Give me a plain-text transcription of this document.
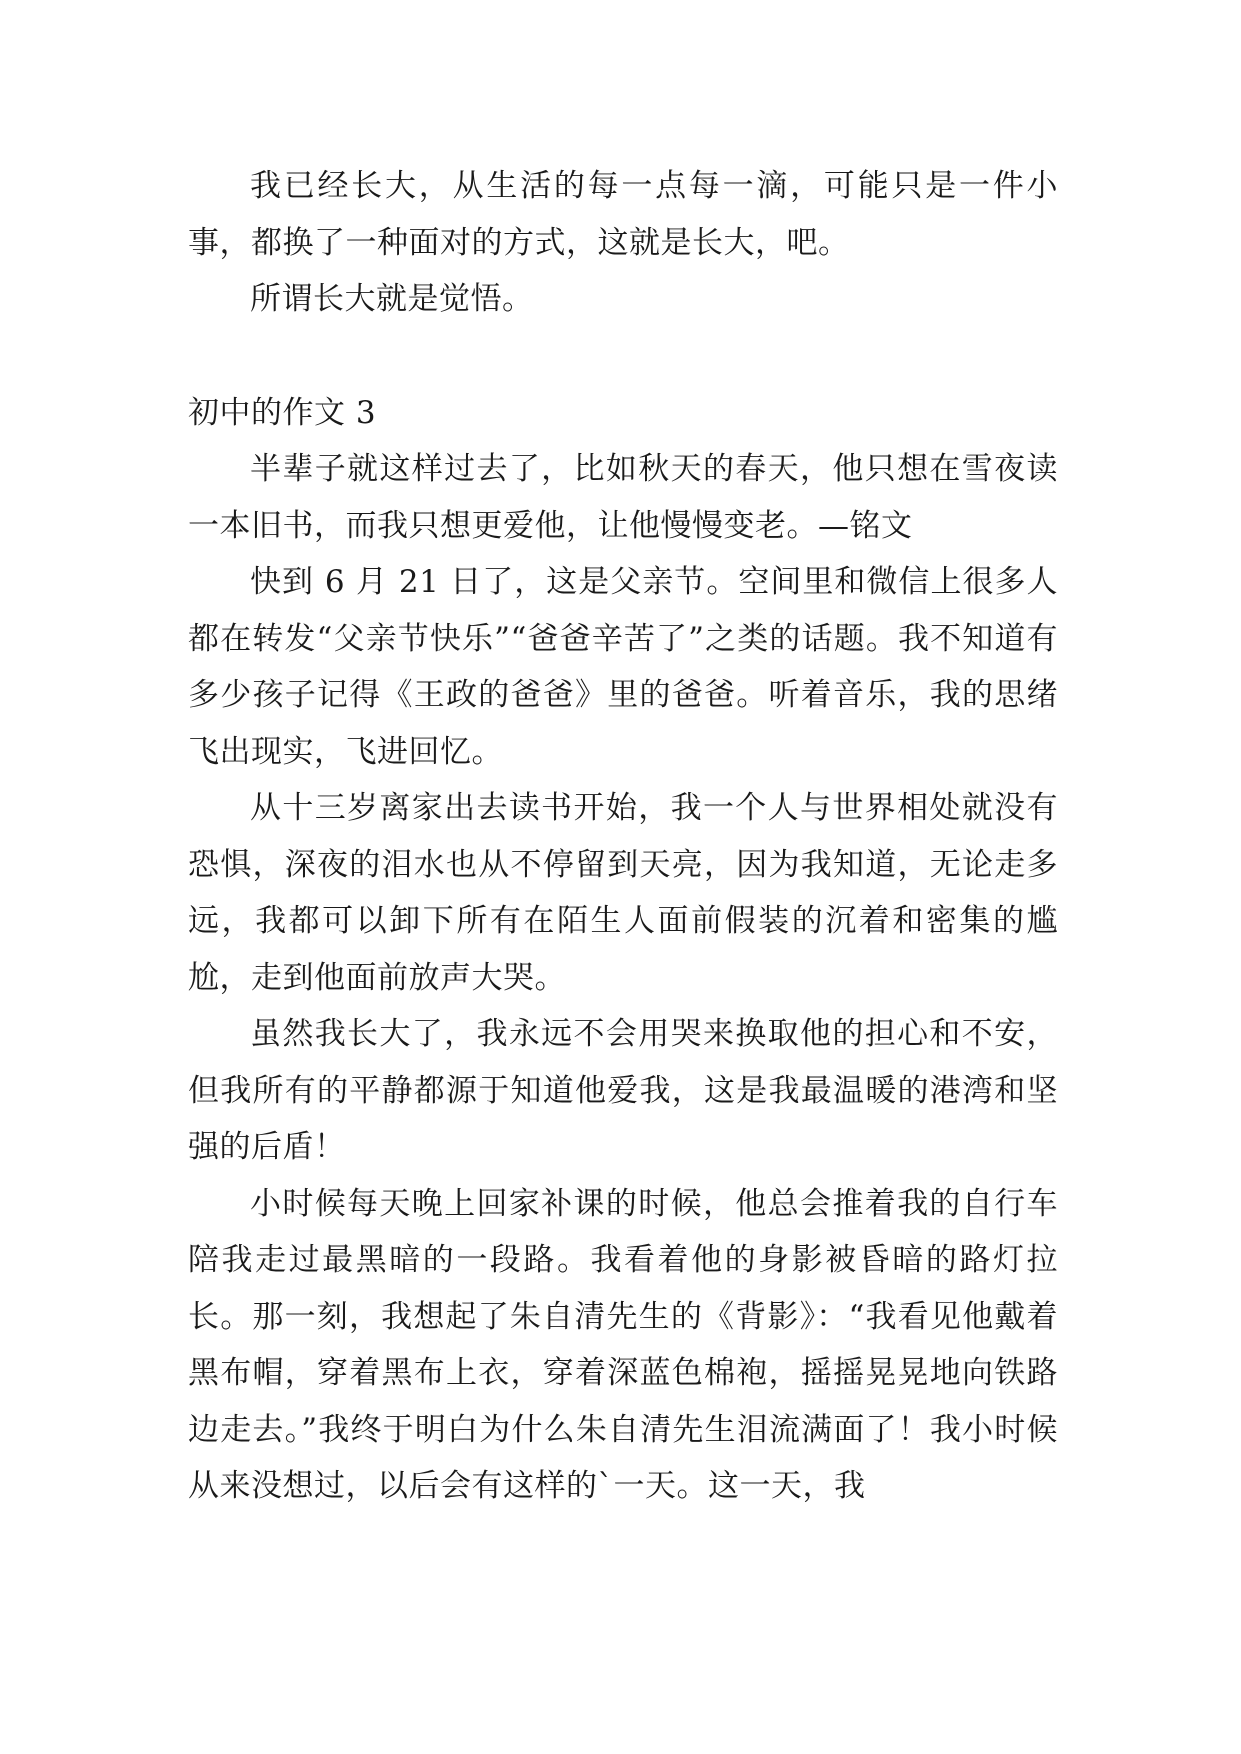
我已经长大，从生活的每一点每一滴，可能只是一件小事，都换了一种面对的方式，这就是长大，吧。

所谓长大就是觉悟。

初中的作文 3

半辈子就这样过去了，比如秋天的春天，他只想在雪夜读一本旧书，而我只想更爱他，让他慢慢变老。—铭文

快到 6 月 21 日了，这是父亲节。空间里和微信上很多人都在转发“父亲节快乐”“爸爸辛苦了”之类的话题。我不知道有多少孩子记得《王政的爸爸》里的爸爸。听着音乐，我的思绪飞出现实，飞进回忆。

从十三岁离家出去读书开始，我一个人与世界相处就没有恐惧，深夜的泪水也从不停留到天亮，因为我知道，无论走多远，我都可以卸下所有在陌生人面前假装的沉着和密集的尴尬，走到他面前放声大哭。

虽然我长大了，我永远不会用哭来换取他的担心和不安，但我所有的平静都源于知道他爱我，这是我最温暖的港湾和坚强的后盾！

小时候每天晚上回家补课的时候，他总会推着我的自行车陪我走过最黑暗的一段路。我看着他的身影被昏暗的路灯拉长。那一刻，我想起了朱自清先生的《背影》：“我看见他戴着黑布帽，穿着黑布上衣，穿着深蓝色棉袍，摇摇晃晃地向铁路边走去。”我终于明白为什么朱自清先生泪流满面了！我小时候从来没想过，以后会有这样的`一天。这一天，我
